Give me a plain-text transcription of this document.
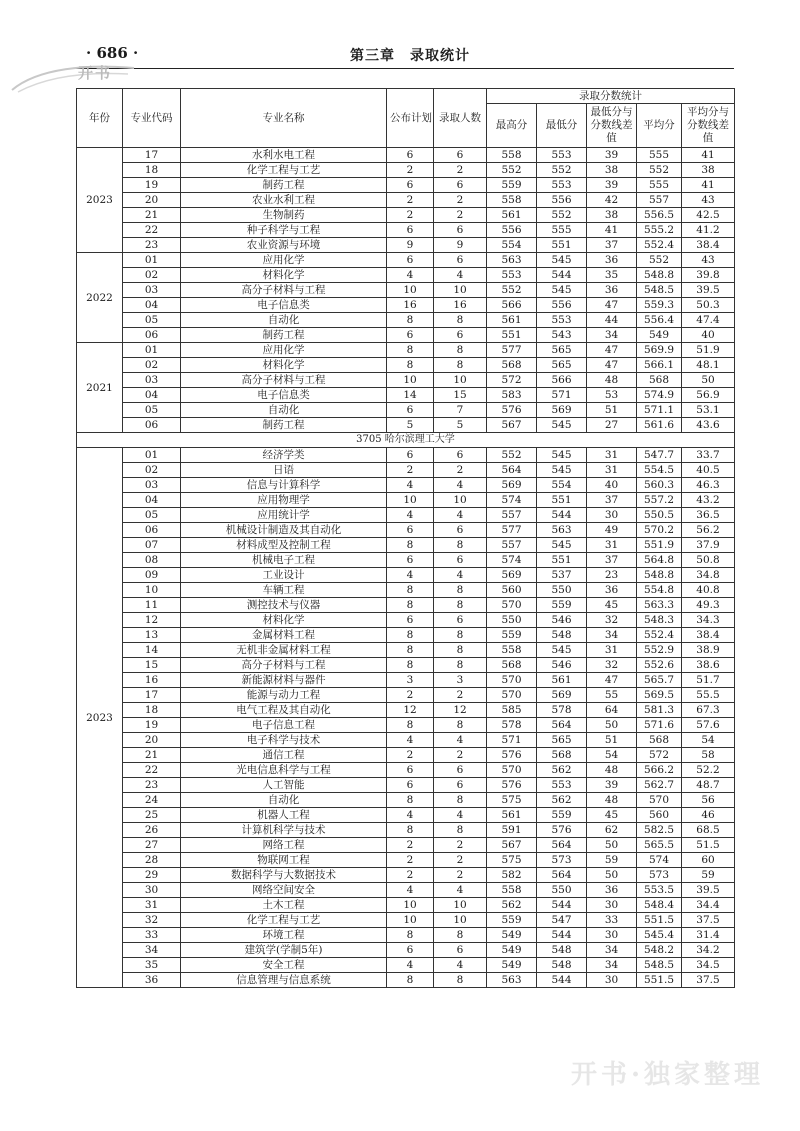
· 686 ·	第三章　录取统计
开书
年份	专业代码	专业名称	公布计划	录取人数	录取分数统计				
					最高分	最低分	最低分与分数线差值	平均分	平均分与分数线差值
2023	17	水利水电工程	6	6	558	553	39	555	41
	18	化学工程与工艺	2	2	552	552	38	552	38
	19	制药工程	6	6	559	553	39	555	41
	20	农业水利工程	2	2	558	556	42	557	43
	21	生物制药	2	2	561	552	38	556.5	42.5
	22	种子科学与工程	6	6	556	555	41	555.2	41.2
	23	农业资源与环境	9	9	554	551	37	552.4	38.4
2022	01	应用化学	6	6	563	545	36	552	43
	02	材料化学	4	4	553	544	35	548.8	39.8
	03	高分子材料与工程	10	10	552	545	36	548.5	39.5
	04	电子信息类	16	16	566	556	47	559.3	50.3
	05	自动化	8	8	561	553	44	556.4	47.4
	06	制药工程	6	6	551	543	34	549	40
2021	01	应用化学	8	8	577	565	47	569.9	51.9
	02	材料化学	8	8	568	565	47	566.1	48.1
	03	高分子材料与工程	10	10	572	566	48	568	50
	04	电子信息类	14	15	583	571	53	574.9	56.9
	05	自动化	6	7	576	569	51	571.1	53.1
	06	制药工程	5	5	567	545	27	561.6	43.6
3705 哈尔滨理工大学									
2023	01	经济学类	6	6	552	545	31	547.7	33.7
	02	日语	2	2	564	545	31	554.5	40.5
	03	信息与计算科学	4	4	569	554	40	560.3	46.3
	04	应用物理学	10	10	574	551	37	557.2	43.2
	05	应用统计学	4	4	557	544	30	550.5	36.5
	06	机械设计制造及其自动化	6	6	577	563	49	570.2	56.2
	07	材料成型及控制工程	8	8	557	545	31	551.9	37.9
	08	机械电子工程	6	6	574	551	37	564.8	50.8
	09	工业设计	4	4	569	537	23	548.8	34.8
	10	车辆工程	8	8	560	550	36	554.8	40.8
	11	测控技术与仪器	8	8	570	559	45	563.3	49.3
	12	材料化学	6	6	550	546	32	548.3	34.3
	13	金属材料工程	8	8	559	548	34	552.4	38.4
	14	无机非金属材料工程	8	8	558	545	31	552.9	38.9
	15	高分子材料与工程	8	8	568	546	32	552.6	38.6
	16	新能源材料与器件	3	3	570	561	47	565.7	51.7
	17	能源与动力工程	2	2	570	569	55	569.5	55.5
	18	电气工程及其自动化	12	12	585	578	64	581.3	67.3
	19	电子信息工程	8	8	578	564	50	571.6	57.6
	20	电子科学与技术	4	4	571	565	51	568	54
	21	通信工程	2	2	576	568	54	572	58
	22	光电信息科学与工程	6	6	570	562	48	566.2	52.2
	23	人工智能	6	6	576	553	39	562.7	48.7
	24	自动化	8	8	575	562	48	570	56
	25	机器人工程	4	4	561	559	45	560	46
	26	计算机科学与技术	8	8	591	576	62	582.5	68.5
	27	网络工程	2	2	567	564	50	565.5	51.5
	28	物联网工程	2	2	575	573	59	574	60
	29	数据科学与大数据技术	2	2	582	564	50	573	59
	30	网络空间安全	4	4	558	550	36	553.5	39.5
	31	土木工程	10	10	562	544	30	548.4	34.4
	32	化学工程与工艺	10	10	559	547	33	551.5	37.5
	33	环境工程	8	8	549	544	30	545.4	31.4
	34	建筑学(学制5年)	6	6	549	548	34	548.2	34.2
	35	安全工程	4	4	549	548	34	548.5	34.5
	36	信息管理与信息系统	8	8	563	544	30	551.5	37.5
开书·独家整理
